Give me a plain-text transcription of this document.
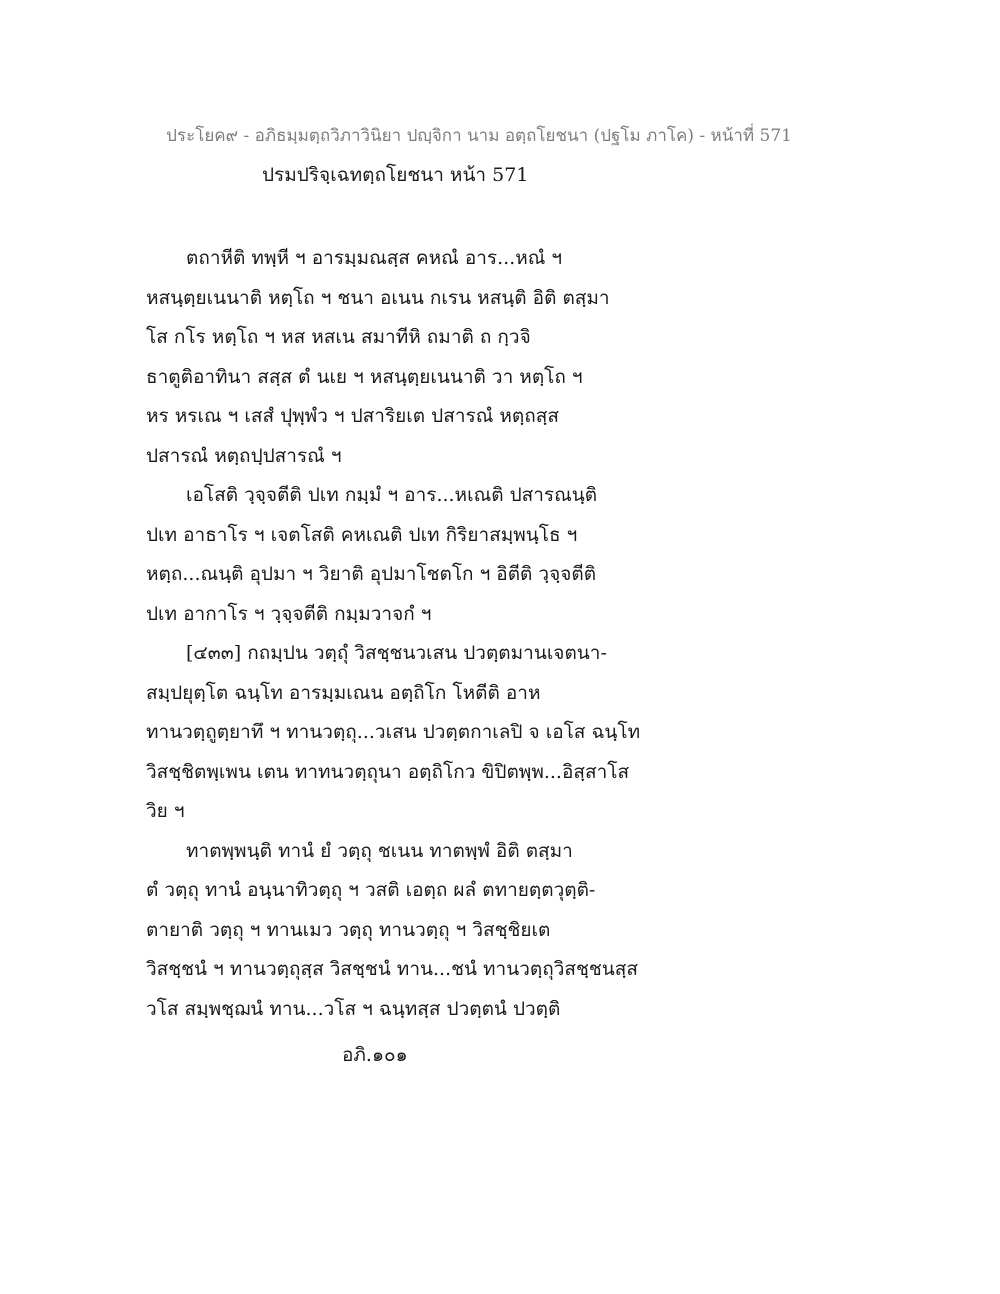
ประโยค๙ - อภิธมฺมตฺถวิภาวินิยา ปญฺจิกา นาม อตฺถโยชนา (ปฐโม ภาโค) - หน้าที่ 571
ปรมปริจฺเฉทตฺถโยชนา หน้า 571
ตถาหีติ ทพฺหี ฯ อารมฺมณสฺส คหณํ อาร...หณํ ฯ
หสนฺตฺยเนนาติ หตฺโถ ฯ ชนา อเนน กเรน หสนฺติ อิติ ตสฺมา
โส กโร หตฺโถ ฯ หส หสเน สมาทีหิ ถมาติ ถ กฺวจิ
ธาตูติอาทินา สสฺส ตํ นเย ฯ หสนฺตฺยเนนาติ วา หตฺโถ ฯ
หร หรเณ ฯ เสสํ ปุพฺพํว ฯ ปสาริยเต ปสารณํ หตฺถสฺส
ปสารณํ หตฺถปฺปสารณํ ฯ
เอโสติ วฺจฺจตีติ ปเท กมฺมํ ฯ อาร...หเณติ ปสารณนฺติ
ปเท อาธาโร ฯ เจตโสติ คหเณติ ปเท กิริยาสมฺพนฺโธ ฯ
หตฺถ...ณนฺติ อุปมา ฯ วิยาติ อุปมาโชตโก ฯ อิตีติ วฺจฺจตีติ
ปเท อากาโร ฯ วฺจฺจตีติ กมฺมวาจกํ ฯ
[๔๓๓] กถมฺปน วตฺถุํ วิสชฺชนวเสน ปวตฺตมานเจตนา-
สมฺปยุตฺโต ฉนฺโท อารมฺมเณน อตฺถิโก โหตีติ อาห
ทานวตฺถูตฺยาทึ ฯ ทานวตฺถุ...วเสน ปวตฺตกาเลปิ จ เอโส ฉนฺโท
วิสชฺชิตพฺเพน เตน ทาทนวตฺถุนา อตฺถิโกว ขิปิตพฺพ...อิสฺสาโส
วิย ฯ
ทาตพฺพนฺติ ทานํ ยํ วตฺถุ ชเนน ทาตพฺพํ อิติ ตสฺมา
ตํ วตฺถุ ทานํ อนฺนาทิวตฺถุ ฯ วสติ เอตฺถ ผลํ ตทายตฺตวุตฺติ-
ตายาติ วตฺถุ ฯ ทานเมว วตฺถุ ทานวตฺถุ ฯ วิสชฺชิยเต
วิสชฺชนํ ฯ ทานวตฺถุสฺส วิสชฺชนํ ทาน...ชนํ ทานวตฺถุวิสชฺชนสฺส
วโส สมฺพชฺฌนํ ทาน...วโส ฯ ฉนฺทสฺส ปวตฺตนํ ปวตฺติ
อภิ.๑๐๑
